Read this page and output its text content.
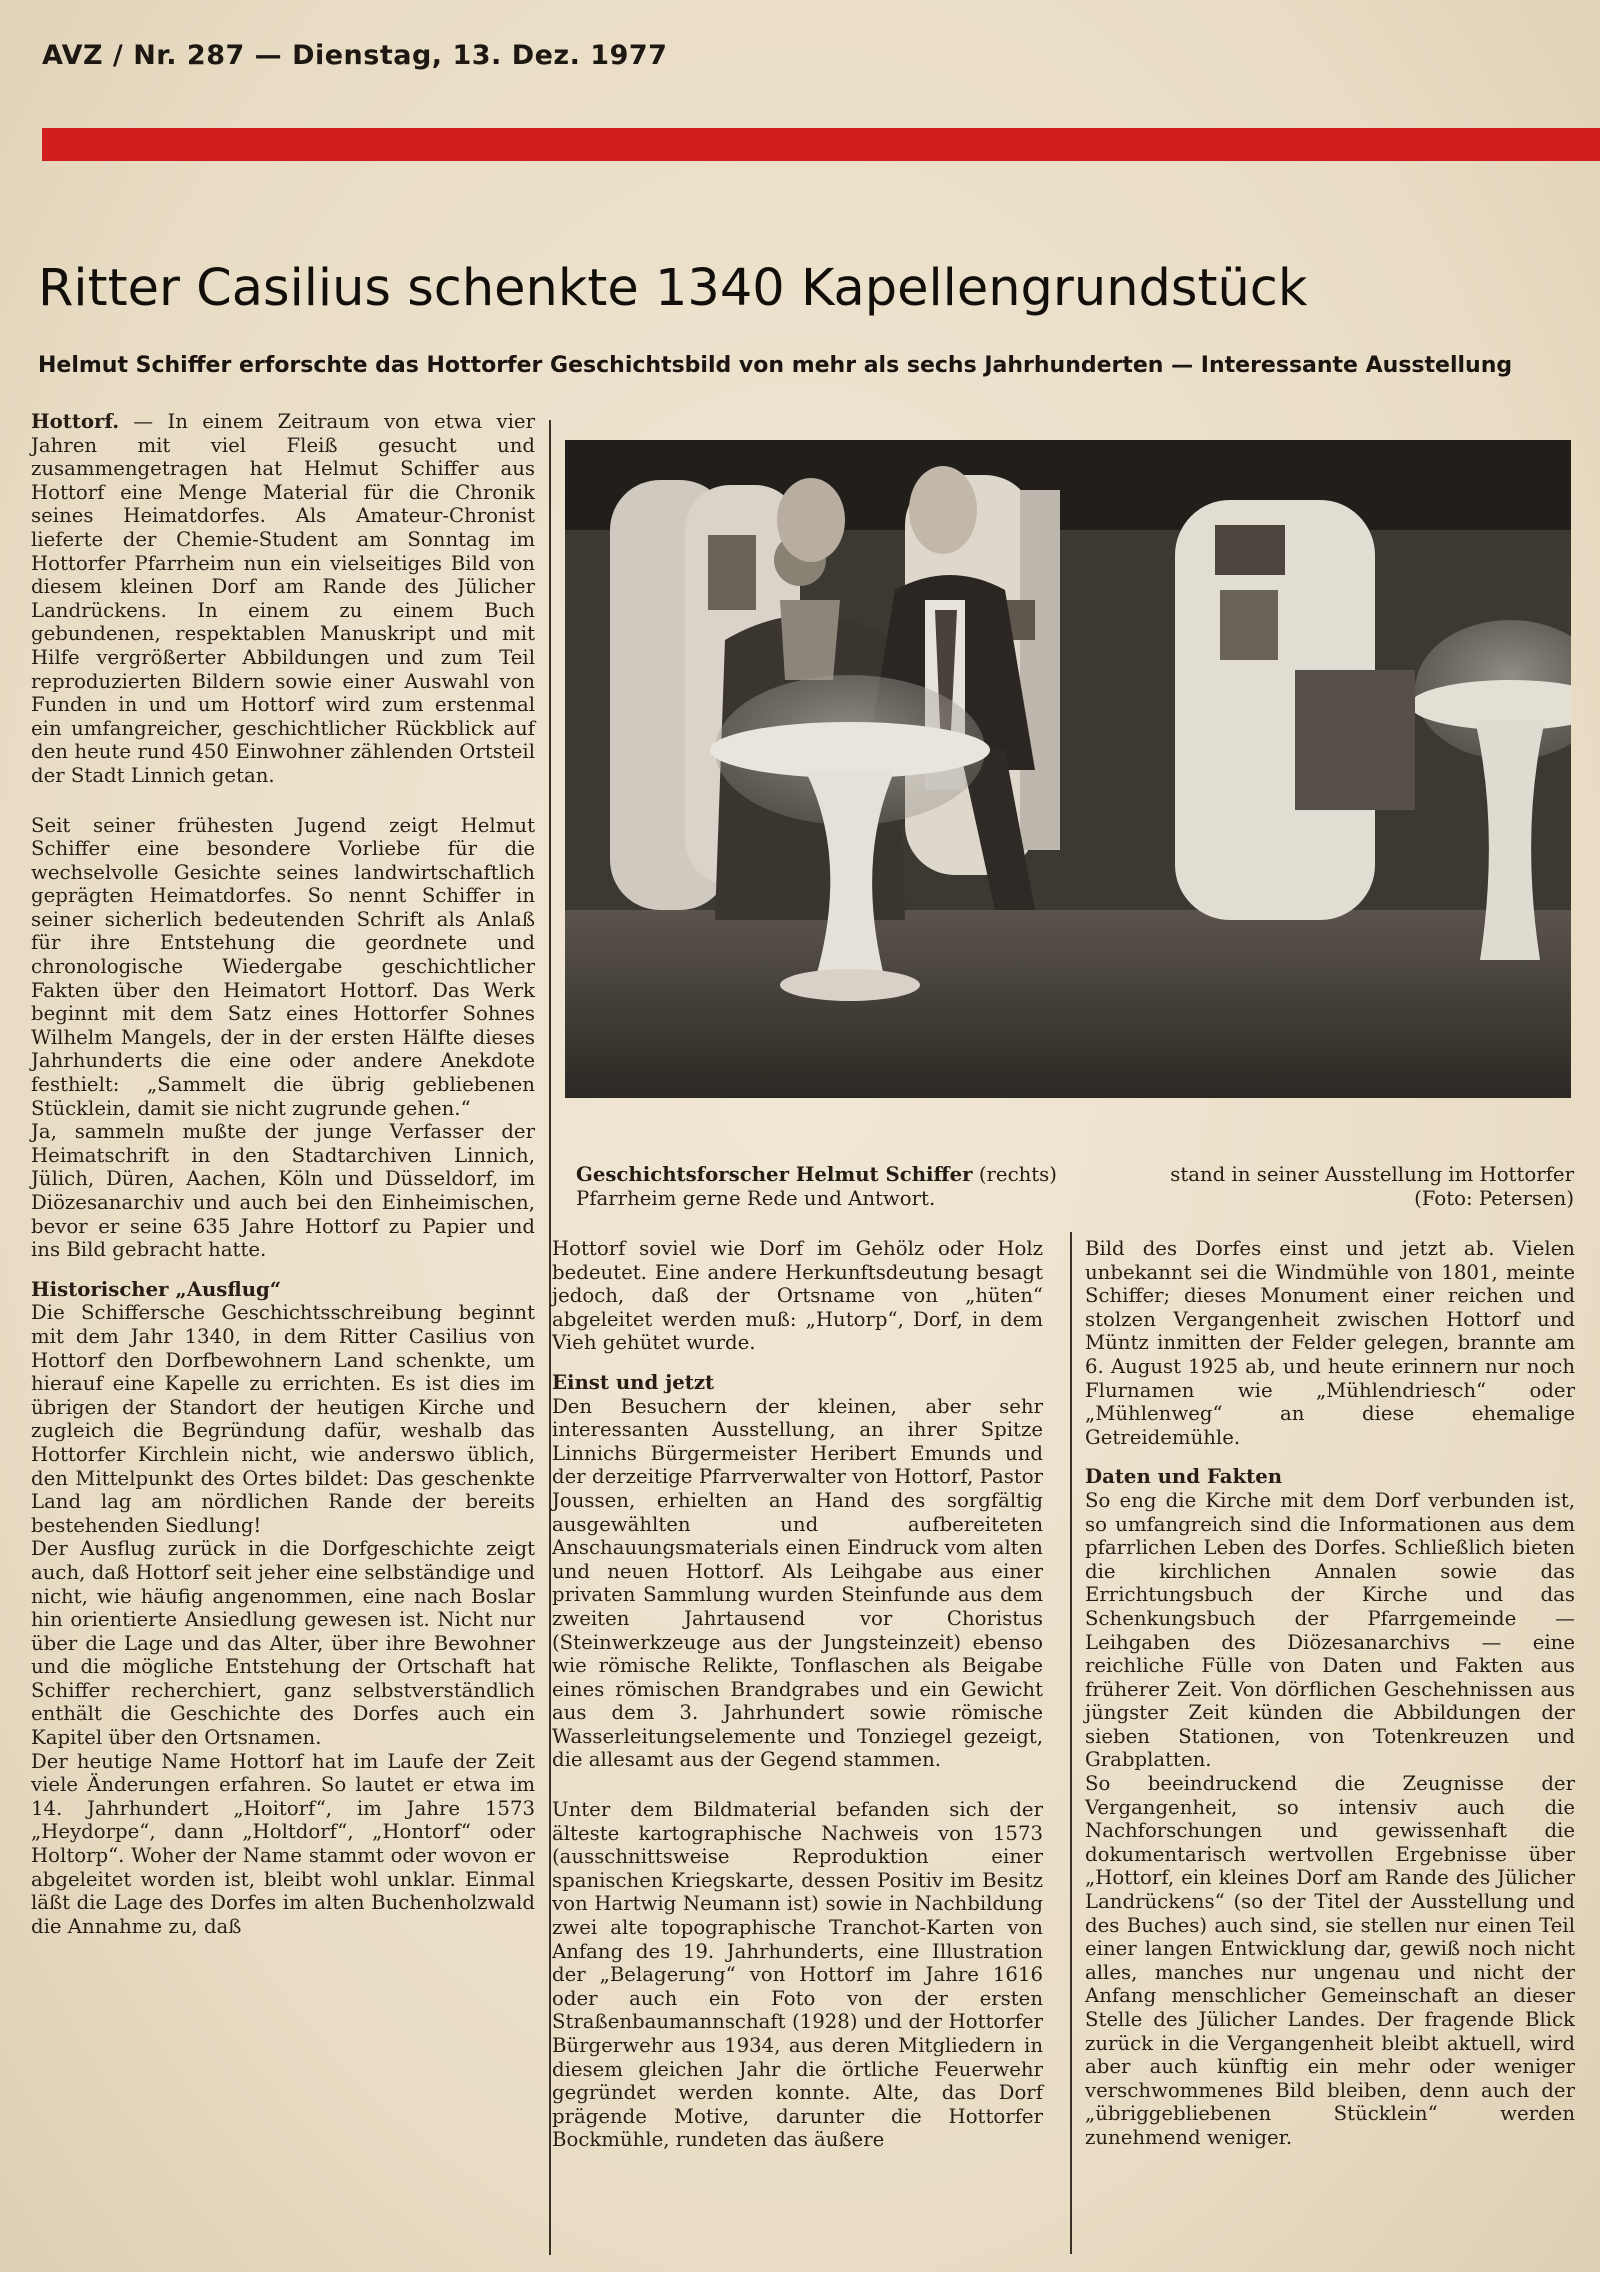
AVZ / Nr. 287 — Dienstag, 13. Dez. 1977
Ritter Casilius schenkte 1340 Kapellengrundstück
Helmut Schiffer erforschte das Hottorfer Geschichtsbild von mehr als sechs Jahrhunderten — Interessante Ausstellung

Hottorf. — In einem Zeitraum von etwa vier Jahren mit viel Fleiß gesucht und zusammengetragen hat Helmut Schiffer aus Hottorf eine Menge Material für die Chronik seines Heimatdorfes. Als Amateur-Chronist lieferte der Chemie-Student am Sonntag im Hottorfer Pfarrheim nun ein vielseitiges Bild von diesem kleinen Dorf am Rande des Jülicher Landrückens. In einem zu einem Buch gebundenen, respektablen Manuskript und mit Hilfe vergrößerter Abbildungen und zum Teil reproduzierten Bildern sowie einer Auswahl von Funden in und um Hottorf wird zum erstenmal ein umfangreicher, geschichtlicher Rückblick auf den heute rund 450 Einwohner zählenden Ortsteil der Stadt Linnich getan.

Seit seiner frühesten Jugend zeigt Helmut Schiffer eine besondere Vorliebe für die wechselvolle Gesichte seines landwirtschaftlich geprägten Heimatdorfes. So nennt Schiffer in seiner sicherlich bedeutenden Schrift als Anlaß für ihre Entstehung die geordnete und chronologische Wiedergabe geschichtlicher Fakten über den Heimatort Hottorf. Das Werk beginnt mit dem Satz eines Hottorfer Sohnes Wilhelm Mangels, der in der ersten Hälfte dieses Jahrhunderts die eine oder andere Anekdote festhielt: „Sammelt die übrig gebliebenen Stücklein, damit sie nicht zugrunde gehen.“

Ja, sammeln mußte der junge Verfasser der Heimatschrift in den Stadtarchiven Linnich, Jülich, Düren, Aachen, Köln und Düsseldorf, im Diözesanarchiv und auch bei den Einheimischen, bevor er seine 635 Jahre Hottorf zu Papier und ins Bild gebracht hatte.

Historischer „Ausflug“

Die Schiffersche Geschichtsschreibung beginnt mit dem Jahr 1340, in dem Ritter Casilius von Hottorf den Dorfbewohnern Land schenkte, um hierauf eine Kapelle zu errichten. Es ist dies im übrigen der Standort der heutigen Kirche und zugleich die Begründung dafür, weshalb das Hottorfer Kirchlein nicht, wie anderswo üblich, den Mittelpunkt des Ortes bildet: Das geschenkte Land lag am nördlichen Rande der bereits bestehenden Siedlung!

Der Ausflug zurück in die Dorfgeschichte zeigt auch, daß Hottorf seit jeher eine selbständige und nicht, wie häufig angenommen, eine nach Boslar hin orientierte Ansiedlung gewesen ist. Nicht nur über die Lage und das Alter, über ihre Bewohner und die mögliche Entstehung der Ortschaft hat Schiffer recherchiert, ganz selbstverständlich enthält die Geschichte des Dorfes auch ein Kapitel über den Ortsnamen.

Der heutige Name Hottorf hat im Laufe der Zeit viele Änderungen erfahren. So lautet er etwa im 14. Jahrhundert „Hoitorf“, im Jahre 1573 „Heydorpe“, dann „Holtdorf“, „Hontorf“ oder Holtorp“. Woher der Name stammt oder wovon er abgeleitet worden ist, bleibt wohl unklar. Einmal läßt die Lage des Dorfes im alten Buchenholzwald die Annahme zu, daß

Geschichtsforscher Helmut Schiffer (rechts) Pfarrheim gerne Rede und Antwort.
stand in seiner Ausstellung im Hottorfer
(Foto: Petersen)

Hottorf soviel wie Dorf im Gehölz oder Holz bedeutet. Eine andere Herkunftsdeutung besagt jedoch, daß der Ortsname von „hüten“ abgeleitet werden muß: „Hutorp“, Dorf, in dem Vieh gehütet wurde.

Einst und jetzt

Den Besuchern der kleinen, aber sehr interessanten Ausstellung, an ihrer Spitze Linnichs Bürgermeister Heribert Emunds und der derzeitige Pfarrverwalter von Hottorf, Pastor Joussen, erhielten an Hand des sorgfältig ausgewählten und aufbereiteten Anschauungsmaterials einen Eindruck vom alten und neuen Hottorf. Als Leihgabe aus einer privaten Sammlung wurden Steinfunde aus dem zweiten Jahrtausend vor Choristus (Steinwerkzeuge aus der Jungsteinzeit) ebenso wie römische Relikte, Tonflaschen als Beigabe eines römischen Brandgrabes und ein Gewicht aus dem 3. Jahrhundert sowie römische Wasserleitungselemente und Tonziegel gezeigt, die allesamt aus der Gegend stammen.

Unter dem Bildmaterial befanden sich der älteste kartographische Nachweis von 1573 (ausschnittsweise Reproduktion einer spanischen Kriegskarte, dessen Positiv im Besitz von Hartwig Neumann ist) sowie in Nachbildung zwei alte topographische Tranchot-Karten von Anfang des 19. Jahrhunderts, eine Illustration der „Belagerung“ von Hottorf im Jahre 1616 oder auch ein Foto von der ersten Straßenbaumannschaft (1928) und der Hottorfer Bürgerwehr aus 1934, aus deren Mitgliedern in diesem gleichen Jahr die örtliche Feuerwehr gegründet werden konnte. Alte, das Dorf prägende Motive, darunter die Hottorfer Bockmühle, rundeten das äußere

Bild des Dorfes einst und jetzt ab. Vielen unbekannt sei die Windmühle von 1801, meinte Schiffer; dieses Monument einer reichen und stolzen Vergangenheit zwischen Hottorf und Müntz inmitten der Felder gelegen, brannte am 6. August 1925 ab, und heute erinnern nur noch Flurnamen wie „Mühlendriesch“ oder „Mühlenweg“ an diese ehemalige Getreidemühle.

Daten und Fakten

So eng die Kirche mit dem Dorf verbunden ist, so umfangreich sind die Informationen aus dem pfarrlichen Leben des Dorfes. Schließlich bieten die kirchlichen Annalen sowie das Errichtungsbuch der Kirche und das Schenkungsbuch der Pfarrgemeinde — Leihgaben des Diözesanarchivs — eine reichliche Fülle von Daten und Fakten aus früherer Zeit. Von dörflichen Geschehnissen aus jüngster Zeit künden die Abbildungen der sieben Stationen, von Totenkreuzen und Grabplatten.

So beeindruckend die Zeugnisse der Vergangenheit, so intensiv auch die Nachforschungen und gewissenhaft die dokumentarisch wertvollen Ergebnisse über „Hottorf, ein kleines Dorf am Rande des Jülicher Landrückens“ (so der Titel der Ausstellung und des Buches) auch sind, sie stellen nur einen Teil einer langen Entwicklung dar, gewiß noch nicht alles, manches nur ungenau und nicht der Anfang menschlicher Gemeinschaft an dieser Stelle des Jülicher Landes. Der fragende Blick zurück in die Vergangenheit bleibt aktuell, wird aber auch künftig ein mehr oder weniger verschwommenes Bild bleiben, denn auch der „übriggebliebenen Stücklein“ werden zunehmend weniger.
